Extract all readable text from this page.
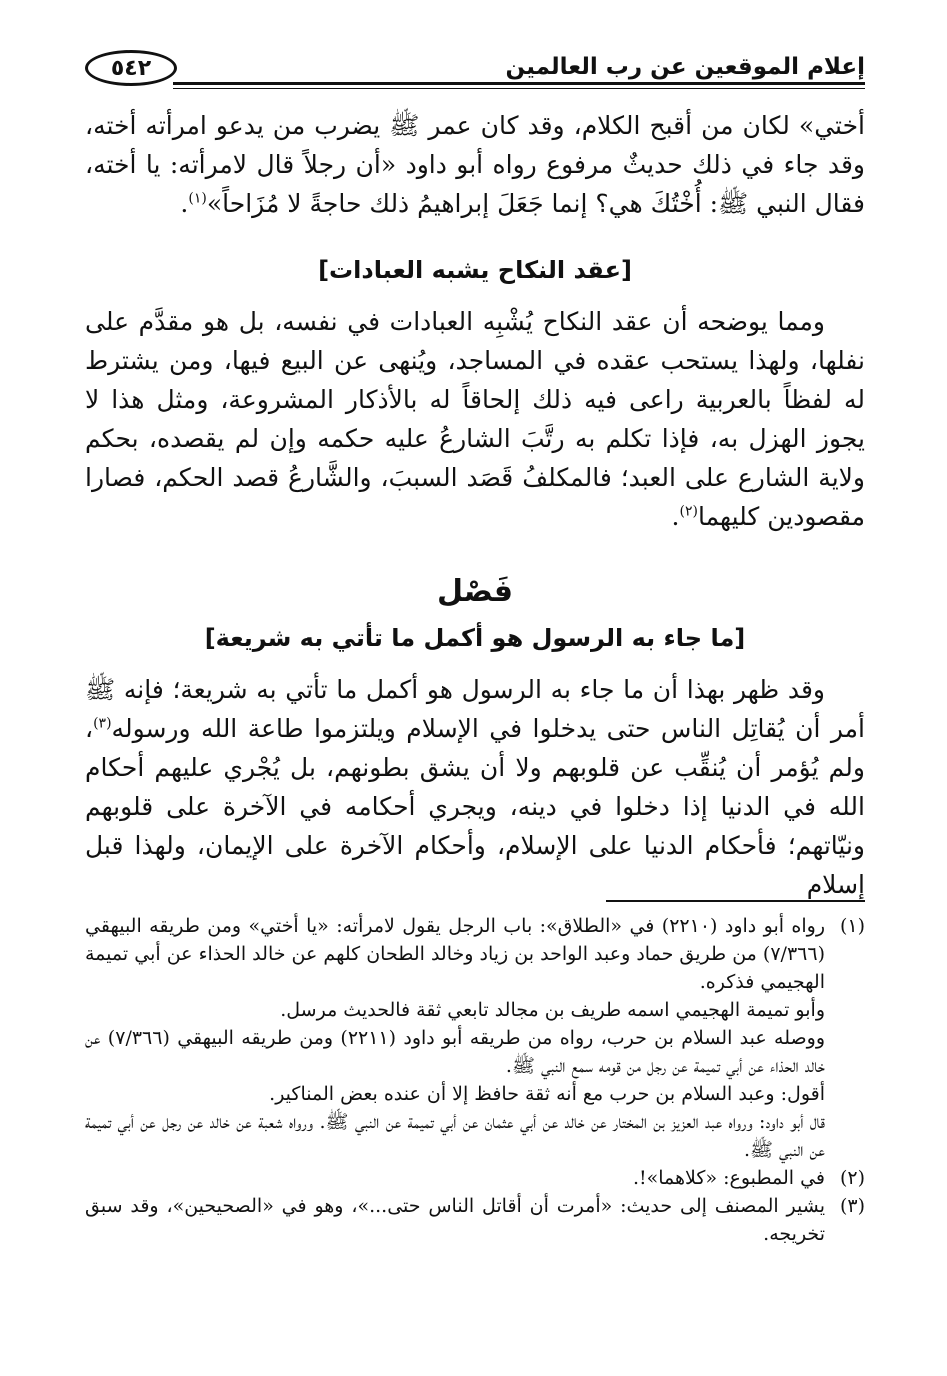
٥٤٢	إعلام الموقعين عن رب العالمين

أختي» لكان من أقبح الكلام، وقد كان عمر ﷺ يضرب من يدعو امرأته أخته، وقد جاء في ذلك حديثٌ مرفوع رواه أبو داود «أن رجلاً قال لامرأته: يا أخته، فقال النبي ﷺ: أُخْتُكَ هي؟ إنما جَعَلَ إبراهيمُ ذلك حاجةً لا مُزَاحاً»$^{(١)}$.

[عقد النكاح يشبه العبادات]

ومما يوضحه أن عقد النكاح يُشْبِه العبادات في نفسه، بل هو مقدَّم على نفلها، ولهذا يستحب عقده في المساجد، ويُنهى عن البيع فيها، ومن يشترط له لفظاً بالعربية راعى فيه ذلك إلحاقاً له بالأذكار المشروعة، ومثل هذا لا يجوز الهزل به، فإذا تكلم به رتَّبَ الشارعُ عليه حكمه وإن لم يقصده، بحكم ولاية الشارع على العبد؛ فالمكلفُ قَصَد السببَ، والشَّارعُ قصد الحكم، فصارا مقصودين كليهما$^{(٢)}$.

فَصْل

[ما جاء به الرسول هو أكمل ما تأتي به شريعة]

وقد ظهر بهذا أن ما جاء به الرسول هو أكمل ما تأتي به شريعة؛ فإنه ﷺ أمر أن يُقاتِل الناس حتى يدخلوا في الإسلام ويلتزموا طاعة الله ورسوله$^{(٣)}$، ولم يُؤمر أن يُنقِّب عن قلوبهم ولا أن يشق بطونهم، بل يُجْري عليهم أحكام الله في الدنيا إذا دخلوا في دينه، ويجري أحكامه في الآخرة على قلوبهم ونيّاتهم؛ فأحكام الدنيا على الإسلام، وأحكام الآخرة على الإيمان، ولهذا قبل إسلام

(١)

رواه أبو داود (٢٢١٠) في «الطلاق»: باب الرجل يقول لامرأته: «يا أختي» ومن طريقه البيهقي (٧/٣٦٦) من طريق حماد وعبد الواحد بن زياد وخالد الطحان كلهم عن خالد الحذاء عن أبي تميمة الهجيمي فذكره.

وأبو تميمة الهجيمي اسمه طريف بن مجالد تابعي ثقة فالحديث مرسل.

ووصله عبد السلام بن حرب، رواه من طريقه أبو داود (٢٢١١) ومن طريقه البيهقي (٧/٣٦٦) عن خالد الحذاء عن أبي تميمة عن رجل من قومه سمع النبي ﷺ.

أقول: وعبد السلام بن حرب مع أنه ثقة حافظ إلا أن عنده بعض المناكير.

قال أبو داود: ورواه عبد العزيز بن المختار عن خالد عن أبي عثمان عن أبي تميمة عن النبي ﷺ. ورواه شعبة عن خالد عن رجل عن أبي تميمة عن النبي ﷺ.

(٢)

في المطبوع: «كلاهما»!.

(٣)

يشير المصنف إلى حديث: «أمرت أن أقاتل الناس حتى...»، وهو في «الصحيحين»، وقد سبق تخريجه.
